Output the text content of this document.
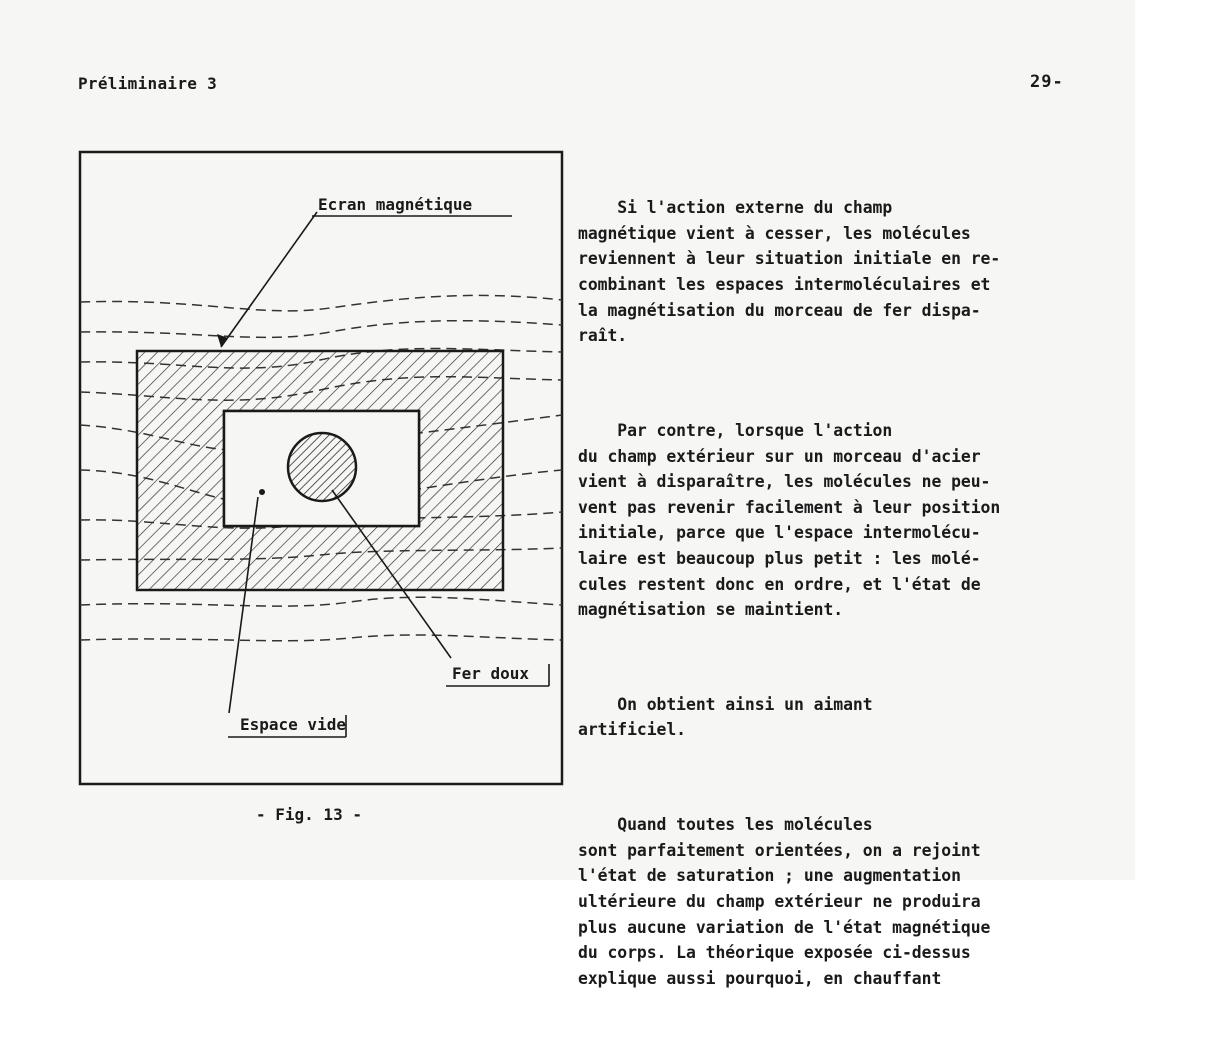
Préliminaire 3	29-
Ecran magnétique
Fer doux
Espace vide
- Fig. 13 -

Si l'action externe du champ
magnétique vient à cesser, les molécules
reviennent à leur situation initiale en re-
combinant les espaces intermoléculaires et
la magnétisation du morceau de fer dispa-
raît.

Par contre, lorsque l'action
du champ extérieur sur un morceau d'acier
vient à disparaître, les molécules ne peu-
vent pas revenir facilement à leur position
initiale, parce que l'espace intermolécu-
laire est beaucoup plus petit : les molé-
cules restent donc en ordre, et l'état de
magnétisation se maintient.

On obtient ainsi un aimant
artificiel.

Quand toutes les molécules
sont parfaitement orientées, on a rejoint
l'état de saturation ; une augmentation
ultérieure du champ extérieur ne produira
plus aucune variation de l'état magnétique
du corps. La théorique exposée ci-dessus
explique aussi pourquoi, en chauffant
